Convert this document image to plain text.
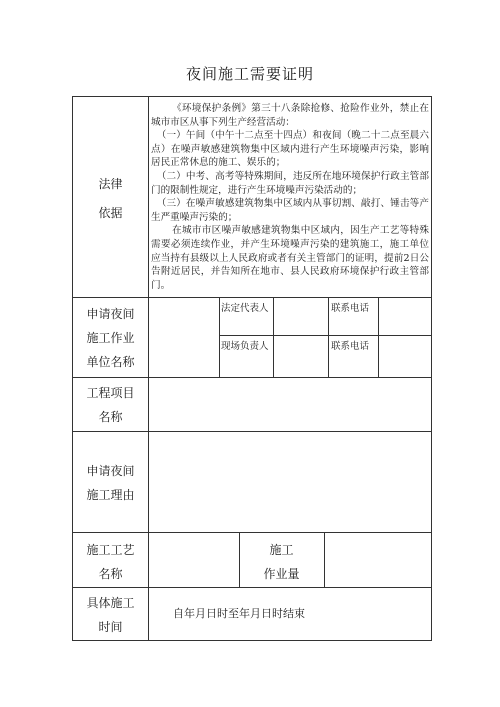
夜间施工需要证明
法律
依据

《环境保护条例》第三十八条除抢修、抢险作业外，禁止在城市市区从事下列生产经营活动：

（一）午间（中午十二点至十四点）和夜间（晚二十二点至晨六点）在噪声敏感建筑物集中区域内进行产生环境噪声污染，影响居民正常休息的施工、娱乐的；

（二）中考、高考等特殊期间，违反所在地环境保护行政主管部门的限制性规定，进行产生环境噪声污染活动的；

（三）在噪声敏感建筑物集中区域内从事切割、敲打、锤击等产生严重噪声污染的；

在城市市区噪声敏感建筑物集中区域内，因生产工艺等特殊需要必须连续作业，并产生环境噪声污染的建筑施工，施工单位应当持有县级以上人民政府或者有关主管部门的证明，提前2日公告附近居民，并告知所在地市、县人民政府环境保护行政主管部门。

申请夜间
施工作业
单位名称
法定代表人	联系电话
现场负责人	联系电话
工程项目
名称
申请夜间
施工理由
施工工艺
名称
施工
作业量
具体施工
时间
自年月日时至年月日时结束
